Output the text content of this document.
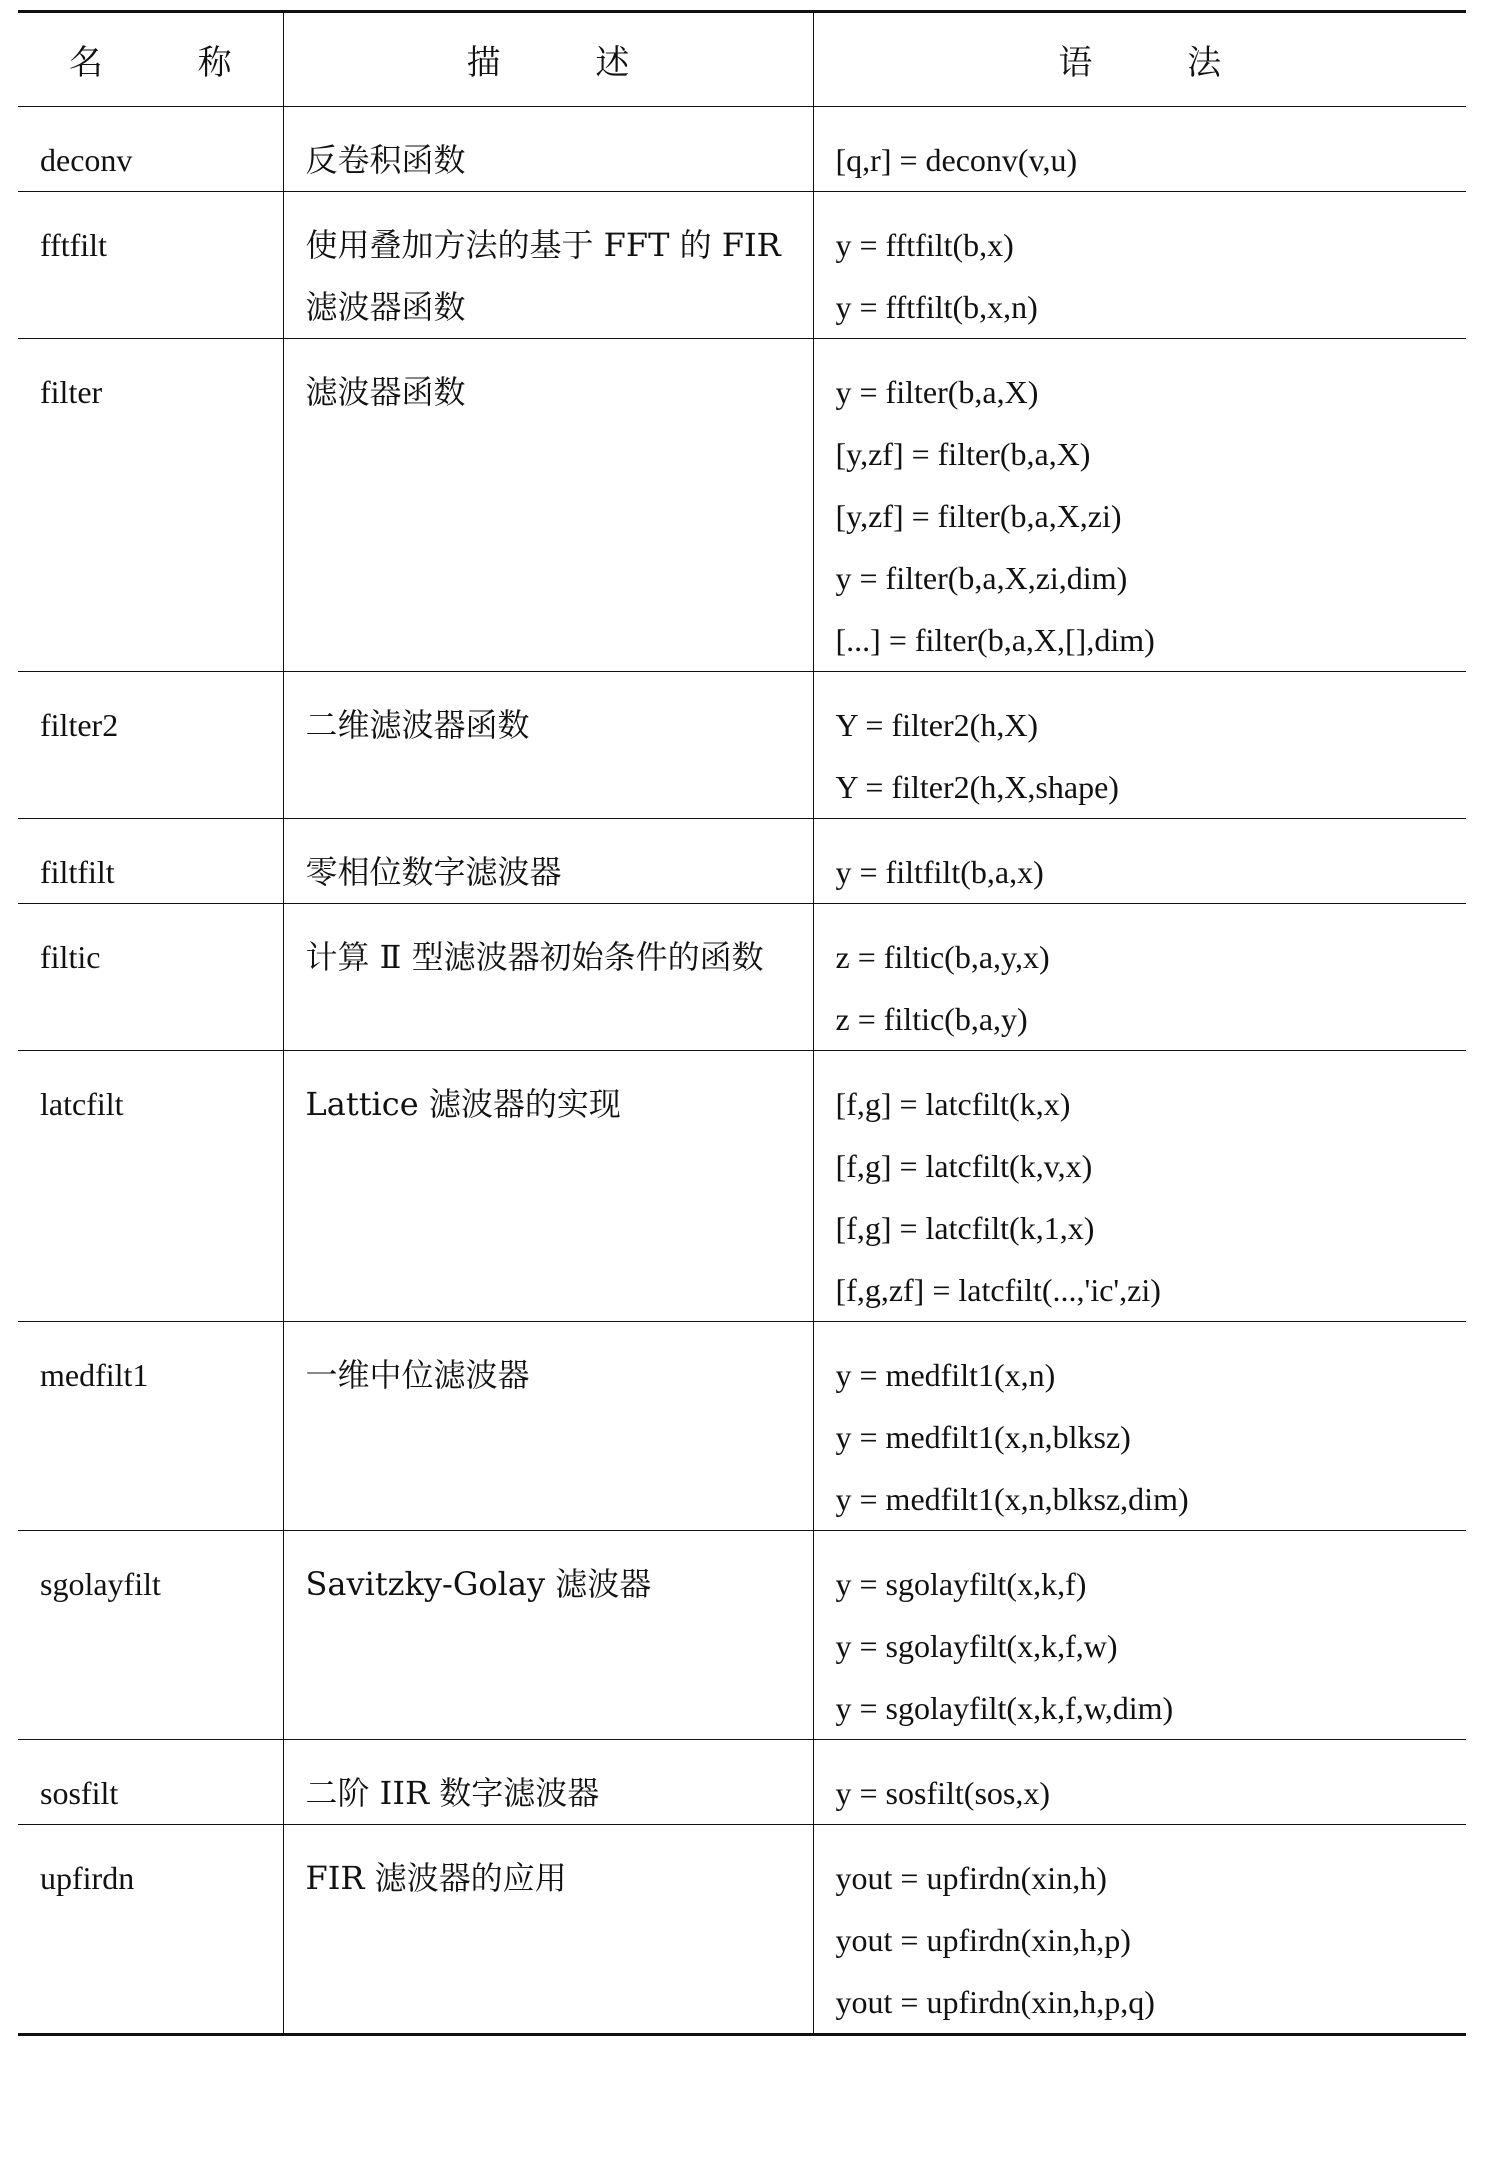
名 称	描 述	语 法
deconv	反卷积函数	[q,r] = deconv(v,u)

fftfilt	使用叠加方法的基于 FFT 的 FIR 滤波器函数	y = fftfilt(b,x)
y = fftfilt(b,x,n)

filter	滤波器函数	y = filter(b,a,X)
[y,zf] = filter(b,a,X)
[y,zf] = filter(b,a,X,zi)
y = filter(b,a,X,zi,dim)
[...] = filter(b,a,X,[],dim)

filter2	二维滤波器函数	Y = filter2(h,X)
Y = filter2(h,X,shape)

filtfilt	零相位数字滤波器	y = filtfilt(b,a,x)

filtic	计算 Ⅱ 型滤波器初始条件的函数	z = filtic(b,a,y,x)
z = filtic(b,a,y)

latcfilt	Lattice 滤波器的实现	[f,g] = latcfilt(k,x)
[f,g] = latcfilt(k,v,x)
[f,g] = latcfilt(k,1,x)
[f,g,zf] = latcfilt(...,'ic',zi)

medfilt1	一维中位滤波器	y = medfilt1(x,n)
y = medfilt1(x,n,blksz)
y = medfilt1(x,n,blksz,dim)

sgolayfilt	Savitzky-Golay 滤波器	y = sgolayfilt(x,k,f)
y = sgolayfilt(x,k,f,w)
y = sgolayfilt(x,k,f,w,dim)

sosfilt	二阶 IIR 数字滤波器	y = sosfilt(sos,x)

upfirdn	FIR 滤波器的应用	yout = upfirdn(xin,h)
yout = upfirdn(xin,h,p)
yout = upfirdn(xin,h,p,q)
